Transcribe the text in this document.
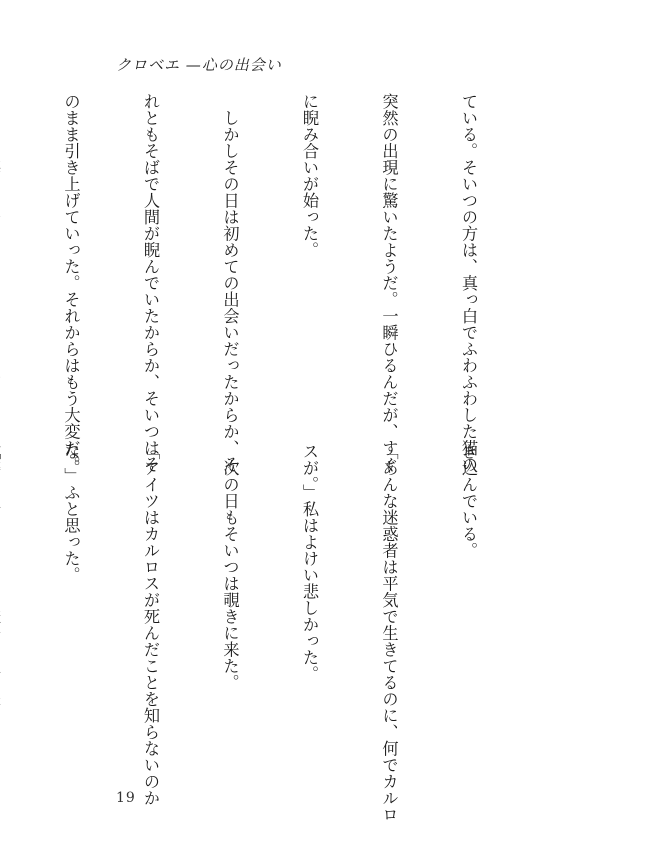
クロベエ —心の出会い

ている。そいつの方は、真っ白でふわふわした猫の

突然の出現に驚いたようだ。一瞬ひるんだが、すぐ

に睨み合いが始った。

　しかしその日は初めての出会いだったからか、そ

れともそばで人間が睨んでいたからか、そいつはそ

のまま引き上げていった。それからはもう大変だ。

き込んでいる。

「あんな迷惑者は平気で生きてるのに、何でカルロ

スが。」私はよけい悲しかった。

　次の日もそいつは覗きに来た。

「アイツはカルロスが死んだことを知らないのか

な。」ふと思った。

19
